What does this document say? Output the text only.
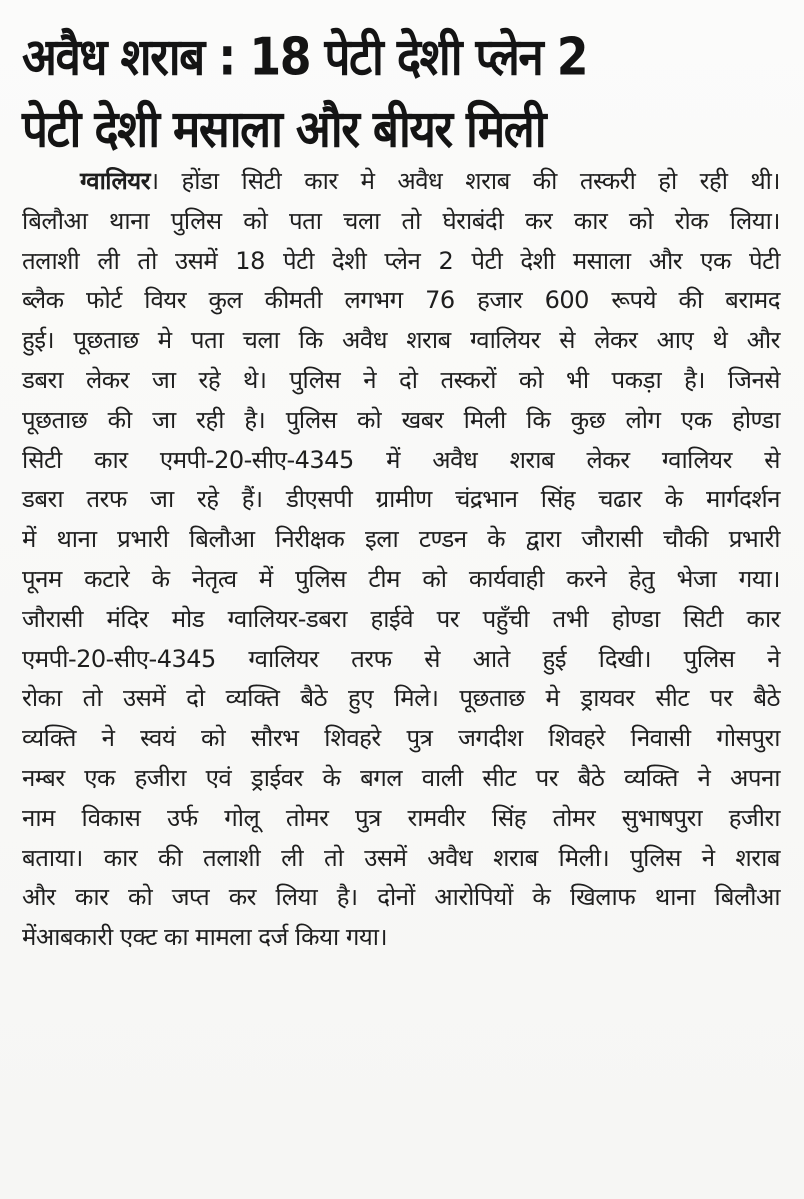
अवैध शराब : 18 पेटी देशी प्लेन 2
पेटी देशी मसाला और बीयर मिली
ग्वालियर। होंडा सिटी कार मे अवैध शराब की तस्करी हो रही थी।
बिलौआ थाना पुलिस को पता चला तो घेराबंदी कर कार को रोक लिया।
तलाशी ली तो उसमें 18 पेटी देशी प्लेन 2 पेटी देशी मसाला और एक पेटी
ब्लैक फोर्ट वियर कुल कीमती लगभग 76 हजार 600 रूपये की बरामद
हुई। पूछताछ मे पता चला कि अवैध शराब ग्वालियर से लेकर आए थे और
डबरा लेकर जा रहे थे। पुलिस ने दो तस्करों को भी पकड़ा है। जिनसे
पूछताछ की जा रही है। पुलिस को खबर मिली कि कुछ लोग एक होण्डा
सिटी कार एमपी-20-सीए-4345 में अवैध शराब लेकर ग्वालियर से
डबरा तरफ जा रहे हैं। डीएसपी ग्रामीण चंद्रभान सिंह चढार के मार्गदर्शन
में थाना प्रभारी बिलौआ निरीक्षक इला टण्डन के द्वारा जौरासी चौकी प्रभारी
पूनम कटारे के नेतृत्व में पुलिस टीम को कार्यवाही करने हेतु भेजा गया।
जौरासी मंदिर मोड ग्वालियर-डबरा हाईवे पर पहुँची तभी होण्डा सिटी कार
एमपी-20-सीए-4345 ग्वालियर तरफ से आते हुई दिखी। पुलिस ने
रोका तो उसमें दो व्यक्ति बैठे हुए मिले। पूछताछ मे ड्रायवर सीट पर बैठे
व्यक्ति ने स्वयं को सौरभ शिवहरे पुत्र जगदीश शिवहरे निवासी गोसपुरा
नम्बर एक हजीरा एवं ड्राईवर के बगल वाली सीट पर बैठे व्यक्ति ने अपना
नाम विकास उर्फ गोलू तोमर पुत्र रामवीर सिंह तोमर सुभाषपुरा हजीरा
बताया। कार की तलाशी ली तो उसमें अवैध शराब मिली। पुलिस ने शराब
और कार को जप्त कर लिया है। दोनों आरोपियों के खिलाफ थाना बिलौआ
मेंआबकारी एक्ट का मामला दर्ज किया गया।
